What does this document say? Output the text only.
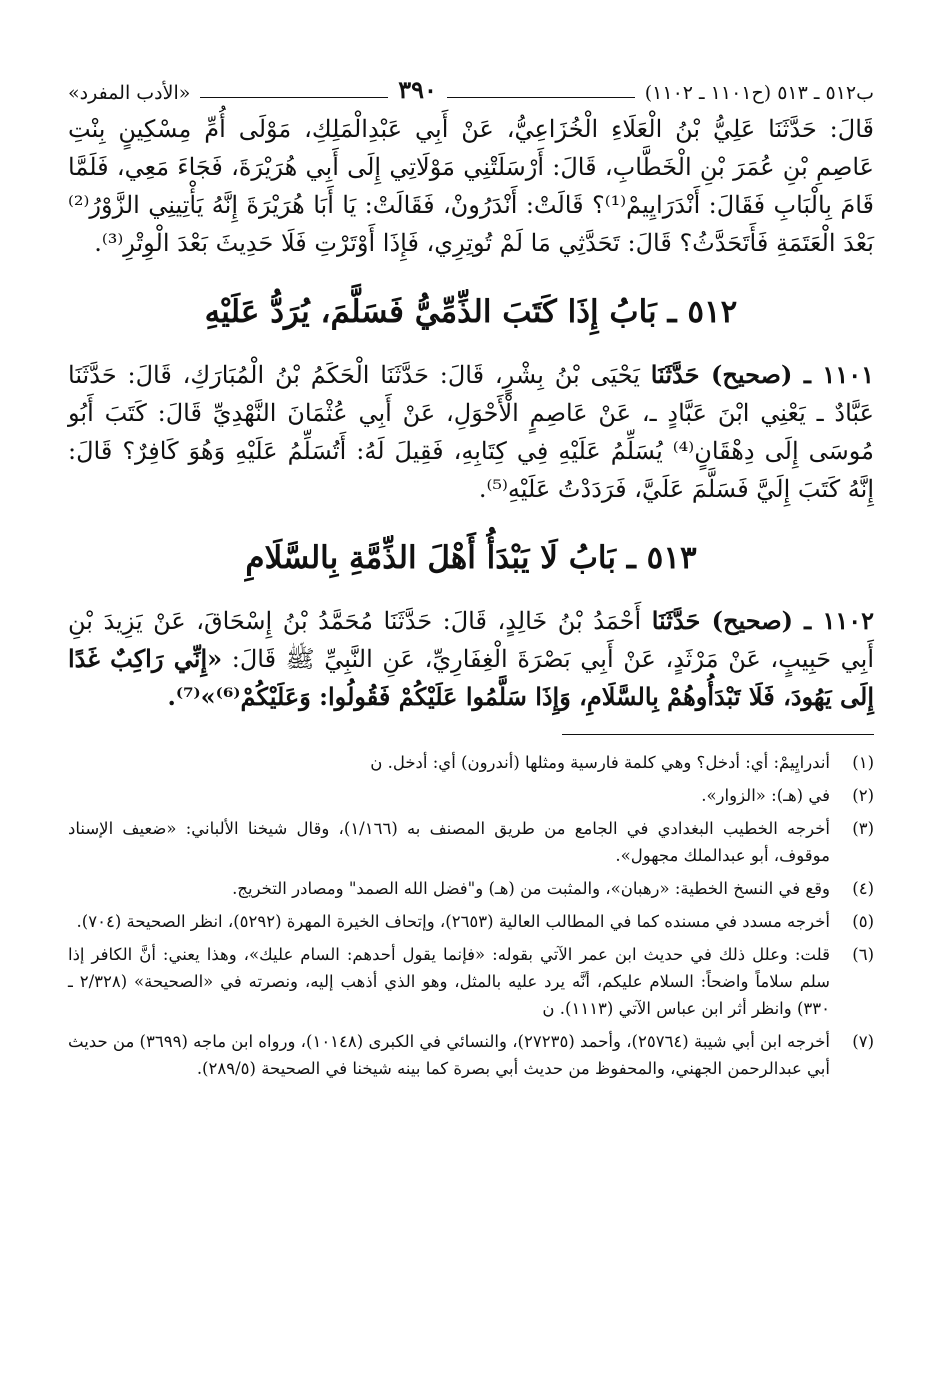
ب٥١٢ ـ ٥١٣ (ح١١٠١ ـ ١١٠٢)
٣٩٠
«الأدب المفرد»

قَالَ: حَدَّثَنَا عَلِيُّ بْنُ الْعَلَاءِ الْخُزَاعِيُّ، عَنْ أَبِي عَبْدِالْمَلِكِ، مَوْلَى أُمِّ مِسْكِينٍ بِنْتِ عَاصِمِ بْنِ عُمَرَ بْنِ الْخَطَّابِ، قَالَ: أَرْسَلَتْنِي مَوْلَاتِي إِلَى أَبِي هُرَيْرَةَ، فَجَاءَ مَعِي، فَلَمَّا قَامَ بِالْبَابِ فَقَالَ: أَنْدَرَايِيمْ⁽¹⁾؟ قَالَتْ: أَنْدَرُونْ، فَقَالَتْ: يَا أَبَا هُرَيْرَةَ إِنَّهُ يَأْتِينِي الزَّوْرُ⁽²⁾ بَعْدَ الْعَتَمَةِ فَأَتَحَدَّثُ؟ قَالَ: تَحَدَّثِي مَا لَمْ تُوتِرِي، فَإِذَا أَوْتَرْتِ فَلَا حَدِيثَ بَعْدَ الْوِتْرِ⁽³⁾.

٥١٢ ـ بَابُ إِذَا كَتَبَ الذِّمِّيُّ فَسَلَّمَ، يُرَدُّ عَلَيْهِ

١١٠١ ـ (صحيح) حَدَّثَنَا يَحْيَى بْنُ بِشْرٍ، قَالَ: حَدَّثَنَا الْحَكَمُ بْنُ الْمُبَارَكِ، قَالَ: حَدَّثَنَا عَبَّادٌ ـ يَعْنِي ابْنَ عَبَّادٍ ـ، عَنْ عَاصِمٍ الْأَحْوَلِ، عَنْ أَبِي عُثْمَانَ النَّهْدِيِّ قَالَ: كَتَبَ أَبُو مُوسَى إِلَى دِهْقَانٍ⁽⁴⁾ يُسَلِّمُ عَلَيْهِ فِي كِتَابِهِ، فَقِيلَ لَهُ: أَتُسَلِّمُ عَلَيْهِ وَهُوَ كَافِرٌ؟ قَالَ: إِنَّهُ كَتَبَ إِلَيَّ فَسَلَّمَ عَلَيَّ، فَرَدَدْتُ عَلَيْهِ⁽⁵⁾.

٥١٣ ـ بَابُ لَا يَبْدَأُ أَهْلَ الذِّمَّةِ بِالسَّلَامِ

١١٠٢ ـ (صحيح) حَدَّثَنَا أَحْمَدُ بْنُ خَالِدٍ، قَالَ: حَدَّثَنَا مُحَمَّدُ بْنُ إِسْحَاقَ، عَنْ يَزِيدَ بْنِ أَبِي حَبِيبٍ، عَنْ مَرْثَدٍ، عَنْ أَبِي بَصْرَةَ الْغِفَارِيِّ، عَنِ النَّبِيِّ ﷺ قَالَ: «إِنِّي رَاكِبٌ غَدًا إِلَى يَهُودَ، فَلَا تَبْدَأُوهُمْ بِالسَّلَامِ، وَإِذَا سَلَّمُوا عَلَيْكُمْ فَقُولُوا: وَعَلَيْكُمْ⁽⁶⁾»⁽⁷⁾.

(١)
أندرايِيمْ: أي: أدخل؟ وهي كلمة فارسية ومثلها (أندرون) أي: أدخل. ن
(٢)
في (هـ): «الزوار».
(٣)
أخرجه الخطيب البغدادي في الجامع من طريق المصنف به (١/١٦٦)، وقال شيخنا الألباني: «ضعيف الإسناد موقوف، أبو عبدالملك مجهول».
(٤)
وقع في النسخ الخطية: «رهبان»، والمثبت من (هـ) و"فضل الله الصمد" ومصادر التخريج.
(٥)
أخرجه مسدد في مسنده كما في المطالب العالية (٢٦٥٣)، وإتحاف الخيرة المهرة (٥٢٩٢)، انظر الصحيحة (٧٠٤).
(٦)
قلت: وعلل ذلك في حديث ابن عمر الآتي بقوله: «فإنما يقول أحدهم: السام عليك»، وهذا يعني: أنَّ الكافر إذا سلم سلاماً واضحاً: السلام عليكم، أنَّه يرد عليه بالمثل، وهو الذي أذهب إليه، ونصرته في «الصحيحة» (٢/٣٢٨ ـ ٣٣٠) وانظر أثر ابن عباس الآتي (١١١٣). ن
(٧)
أخرجه ابن أبي شيبة (٢٥٧٦٤)، وأحمد (٢٧٢٣٥)، والنسائي في الكبرى (١٠١٤٨)، ورواه ابن ماجه (٣٦٩٩) من حديث أبي عبدالرحمن الجهني، والمحفوظ من حديث أبي بصرة كما بينه شيخنا في الصحيحة (٢٨٩/٥).
